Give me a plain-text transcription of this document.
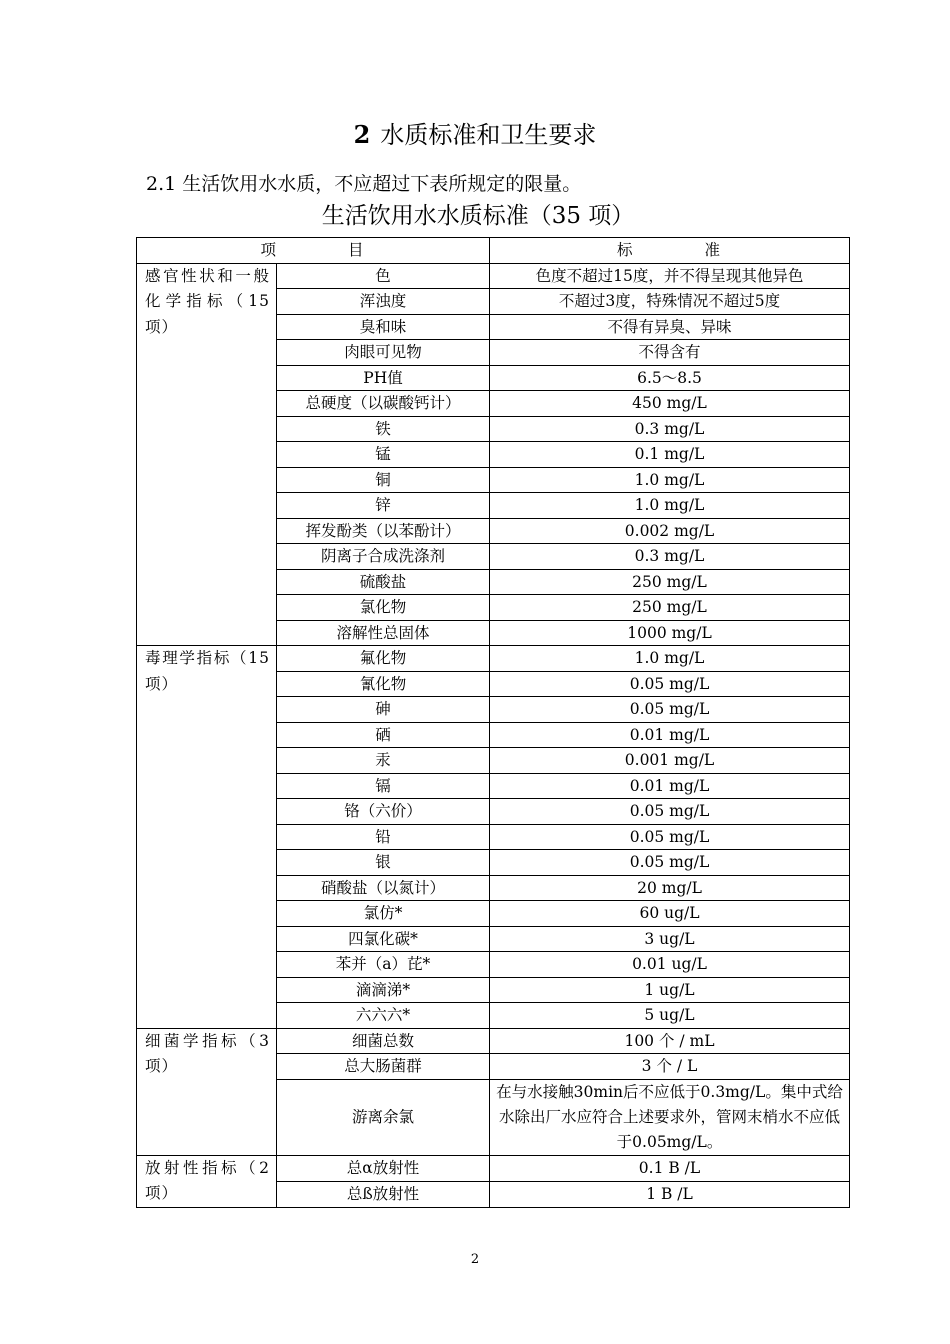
2 水质标准和卫生要求
2.1 生活饮用水水质，不应超过下表所规定的限量。
生活饮用水水质标准（35 项）
项 目		标 准
感官性状和一般化学指标（15项）	色	色度不超过15度，并不得呈现其他异色
	浑浊度	不超过3度，特殊情况不超过5度
	臭和味	不得有异臭、异味
	肉眼可见物	不得含有
	PH值	6.5～8.5
	总硬度（以碳酸钙计）	450 mg/L
	铁	0.3 mg/L
	锰	0.1 mg/L
	铜	1.0 mg/L
	锌	1.0 mg/L
	挥发酚类（以苯酚计）	0.002 mg/L
	阴离子合成洗涤剂	0.3 mg/L
	硫酸盐	250 mg/L
	氯化物	250 mg/L
	溶解性总固体	1000 mg/L
毒理学指标（15项）	氟化物	1.0 mg/L
	氰化物	0.05 mg/L
	砷	0.05 mg/L
	硒	0.01 mg/L
	汞	0.001 mg/L
	镉	0.01 mg/L
	铬（六价）	0.05 mg/L
	铅	0.05 mg/L
	银	0.05 mg/L
	硝酸盐（以氮计）	20 mg/L
	氯仿*	60 ug/L
	四氯化碳*	3 ug/L
	苯并（a）芘*	0.01 ug/L
	滴滴涕*	1 ug/L
	六六六*	5 ug/L
细菌学指标（3项）	细菌总数	100 个 / mL
	总大肠菌群	3 个 / L
	游离余氯	在与水接触30min后不应低于0.3mg/L。集中式给水除出厂水应符合上述要求外，管网末梢水不应低于0.05mg/L。
放射性指标（2项）	总α放射性	0.1 B /L
	总ß放射性	1 B /L
2
